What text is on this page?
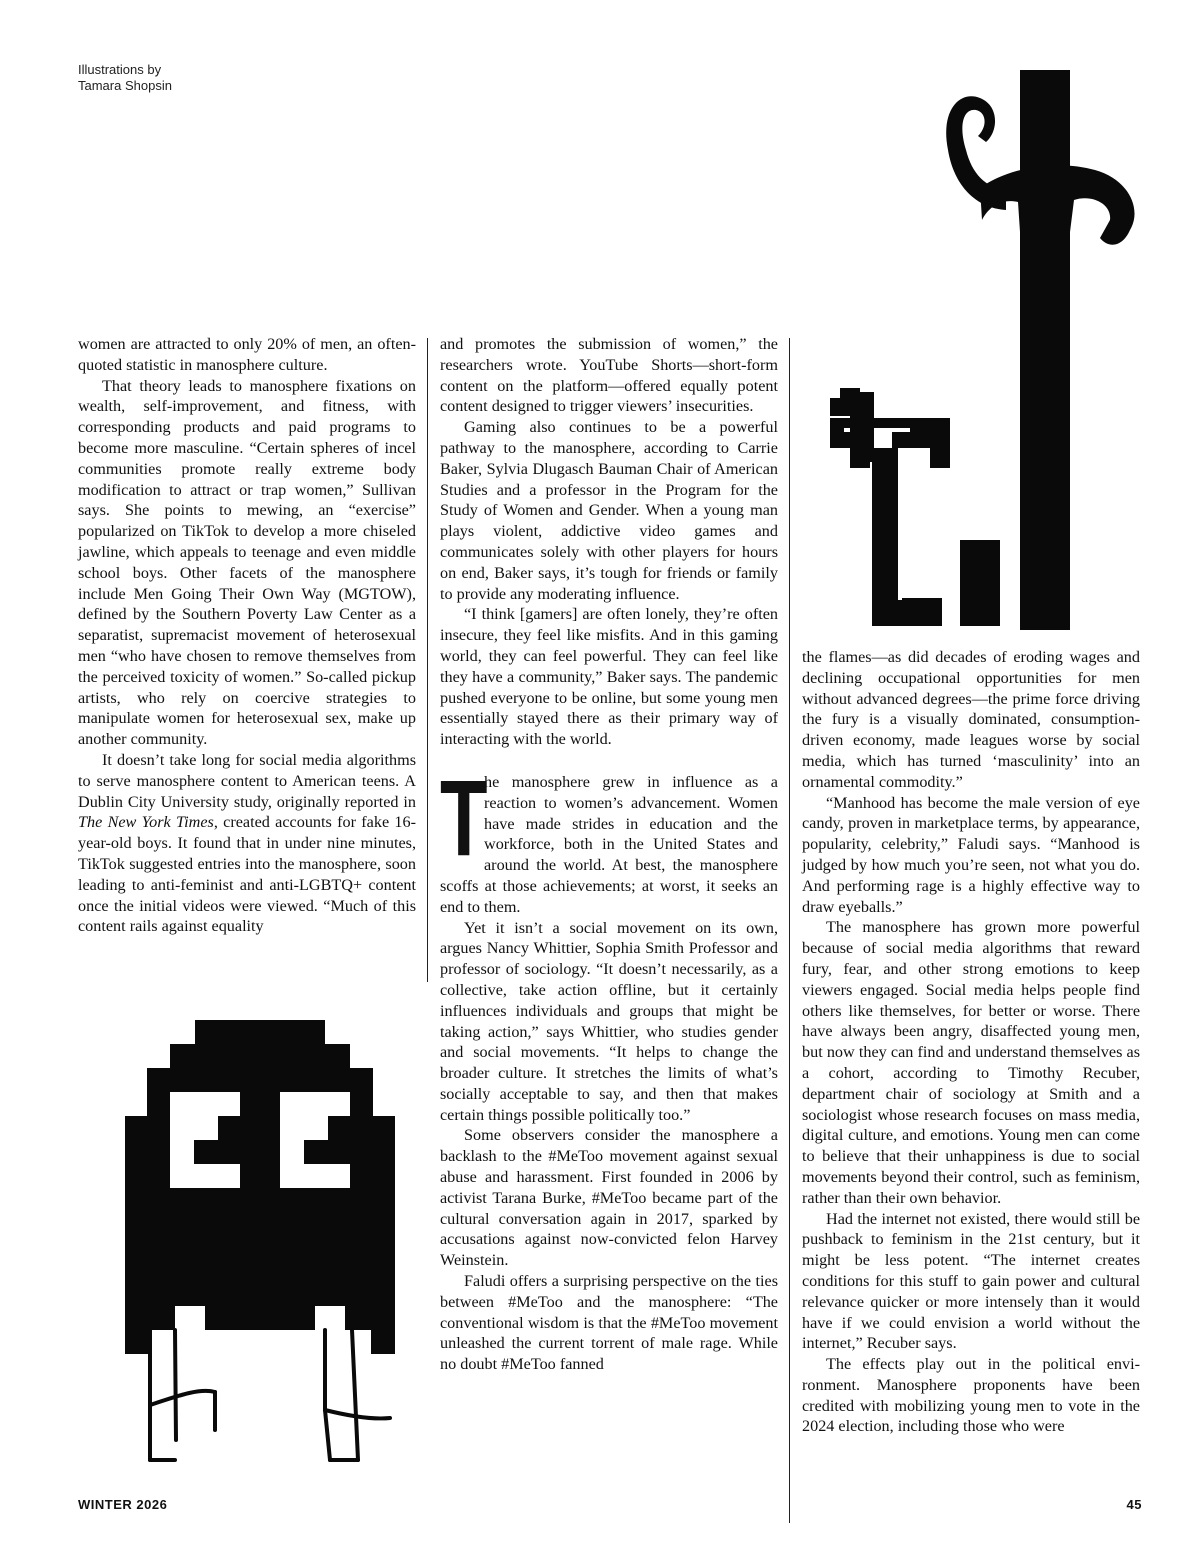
Illustrations by
Tamara Shopsin

women are attracted to only 20% of men, an often-quoted statistic in manosphere culture.

That theory leads to manosphere fixations on wealth, self-improvement, and fitness, with corresponding products and paid programs to become more masculine. “Certain spheres of incel communities promote really extreme body modification to attract or trap women,” Sullivan says. She points to mewing, an “exercise” popularized on TikTok to develop a more chiseled jawline, which appeals to teenage and even middle school boys. Other facets of the manosphere include Men Going Their Own Way (MGTOW), defined by the Southern Poverty Law Center as a separatist, supremacist movement of heterosexual men “who have chosen to remove themselves from the perceived toxicity of women.” So-called pickup artists, who rely on coercive strategies to manipulate women for heterosexual sex, make up another community.

It doesn’t take long for social media algorithms to serve manosphere content to American teens. A Dublin City University study, originally reported in The New York Times, created accounts for fake 16-year-old boys. It found that in under nine minutes, TikTok suggested entries into the manosphere, soon leading to anti-feminist and anti-LGBTQ+ content once the initial videos were viewed. “Much of this content rails against equality

and promotes the submission of women,” the researchers wrote. YouTube Shorts—short-form content on the platform—offered equally potent content designed to trigger viewers’ insecurities.

Gaming also continues to be a powerful pathway to the manosphere, according to Carrie Baker, Sylvia Dlugasch Bauman Chair of American Studies and a professor in the Program for the Study of Women and Gender. When a young man plays violent, addictive video games and communicates solely with other players for hours on end, Baker says, it’s tough for friends or family to provide any moderating influence.

“I think [gamers] are often lonely, they’re often insecure, they feel like misfits. And in this gaming world, they can feel powerful. They can feel like they have a community,” Baker says. The pandemic pushed everyone to be online, but some young men essentially stayed there as their primary way of interacting with the world.

T
he manosphere grew in influence as a reaction to women’s advancement. Women have made strides in education and the workforce, both in the United States and around the world. At best, the manosphere scoffs at those achievements; at worst, it seeks an end to them.

Yet it isn’t a social movement on its own, argues Nancy Whittier, Sophia Smith Professor and professor of sociology. “It doesn’t necessarily, as a collective, take action offline, but it certainly influences individuals and groups that might be taking action,” says Whittier, who studies gender and social movements. “It helps to change the broader culture. It stretches the limits of what’s socially acceptable to say, and then that makes certain things possible politically too.”

Some observers consider the manosphere a backlash to the #MeToo movement against sexual abuse and harassment. First founded in 2006 by activist Tarana Burke, #MeToo became part of the cultural conversation again in 2017, sparked by accusations against now-convicted felon Harvey Weinstein.

Faludi offers a surprising perspective on the ties between #MeToo and the manosphere: “The conventional wisdom is that the #MeToo movement unleashed the current torrent of male rage. While no doubt #MeToo fanned

the flames—as did decades of eroding wages and declining occupational opportunities for men without advanced degrees—the prime force driving the fury is a visually dominated, consumption-driven economy, made leagues worse by social media, which has turned ‘masculinity’ into an ornamental commodity.”

“Manhood has become the male version of eye candy, proven in marketplace terms, by appearance, popularity, celebrity,” Faludi says. “Manhood is judged by how much you’re seen, not what you do. And performing rage is a highly effective way to draw eyeballs.”

The manosphere has grown more powerful because of social media algorithms that reward fury, fear, and other strong emotions to keep viewers engaged. Social media helps people find others like themselves, for better or worse. There have always been angry, disaffected young men, but now they can find and understand themselves as a cohort, according to Timothy Recuber, department chair of sociology at Smith and a sociologist whose research focuses on mass media, digital culture, and emotions. Young men can come to believe that their unhappiness is due to social movements beyond their control, such as feminism, rather than their own behavior.

Had the internet not existed, there would still be pushback to feminism in the 21st century, but it might be less potent. “The internet creates conditions for this stuff to gain power and cultural relevance quicker or more intensely than it would have if we could envision a world without the internet,” Recuber says.

The effects play out in the political environment. Manosphere proponents have been credited with mobilizing young men to vote in the 2024 election, including those who were

WINTER 2026	45
